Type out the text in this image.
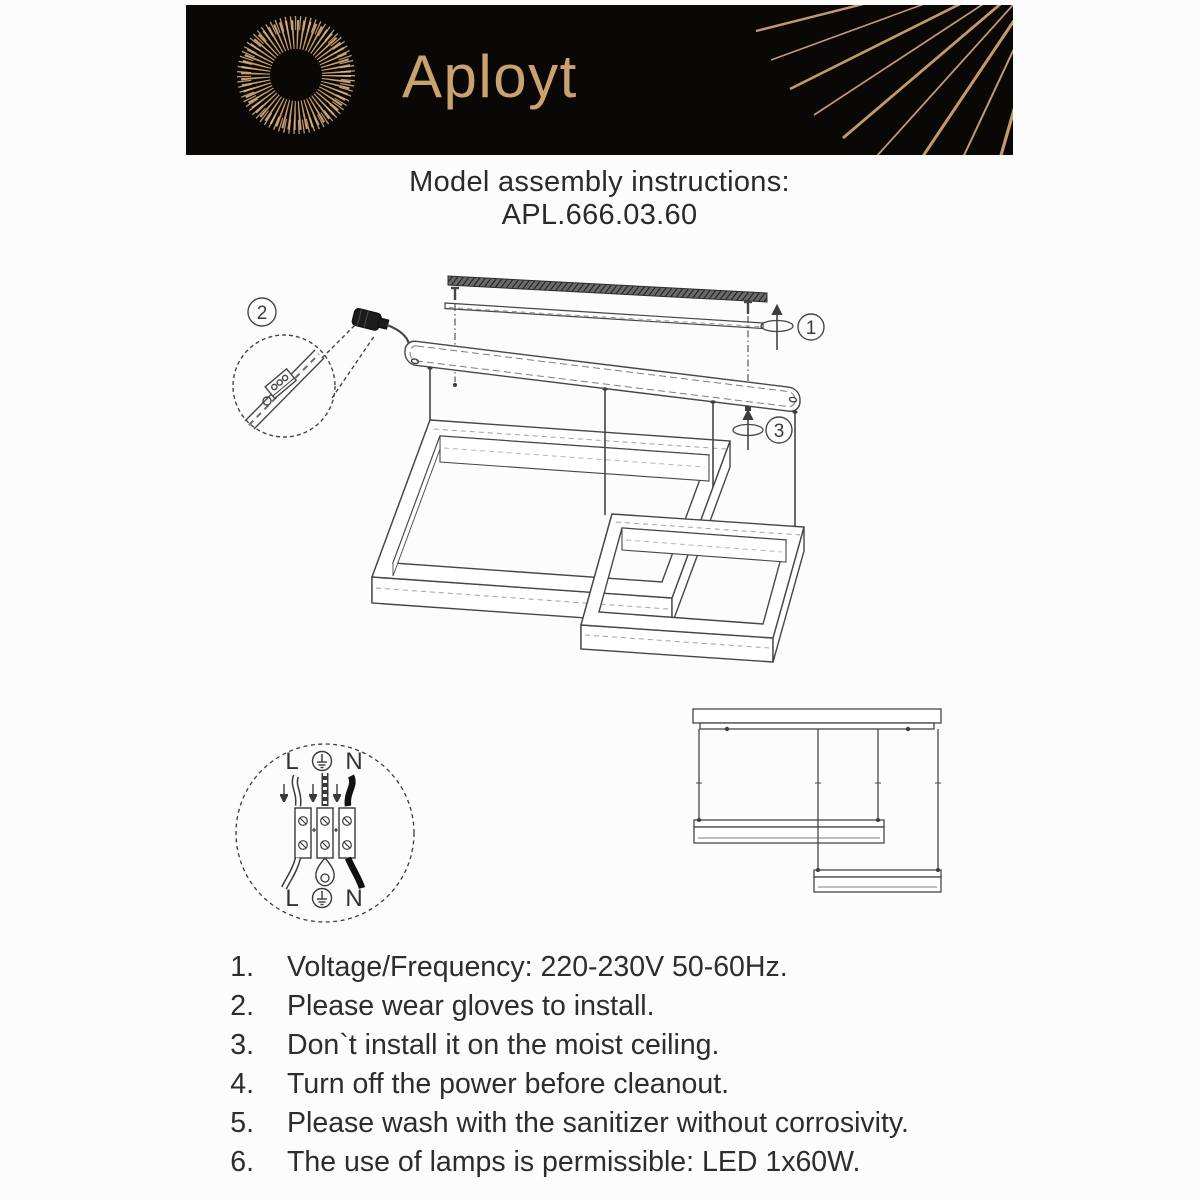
Aployt
Model assembly instructions:
APL.666.03.60
2
1
3
L N
L N
1. Voltage/Frequency: 220-230V 50-60Hz.
2. Please wear gloves to install.
3. Don`t install it on the moist ceiling.
4. Turn off the power before cleanout.
5. Please wash with the sanitizer without corrosivity.
6. The use of lamps is permissible: LED 1x60W.
